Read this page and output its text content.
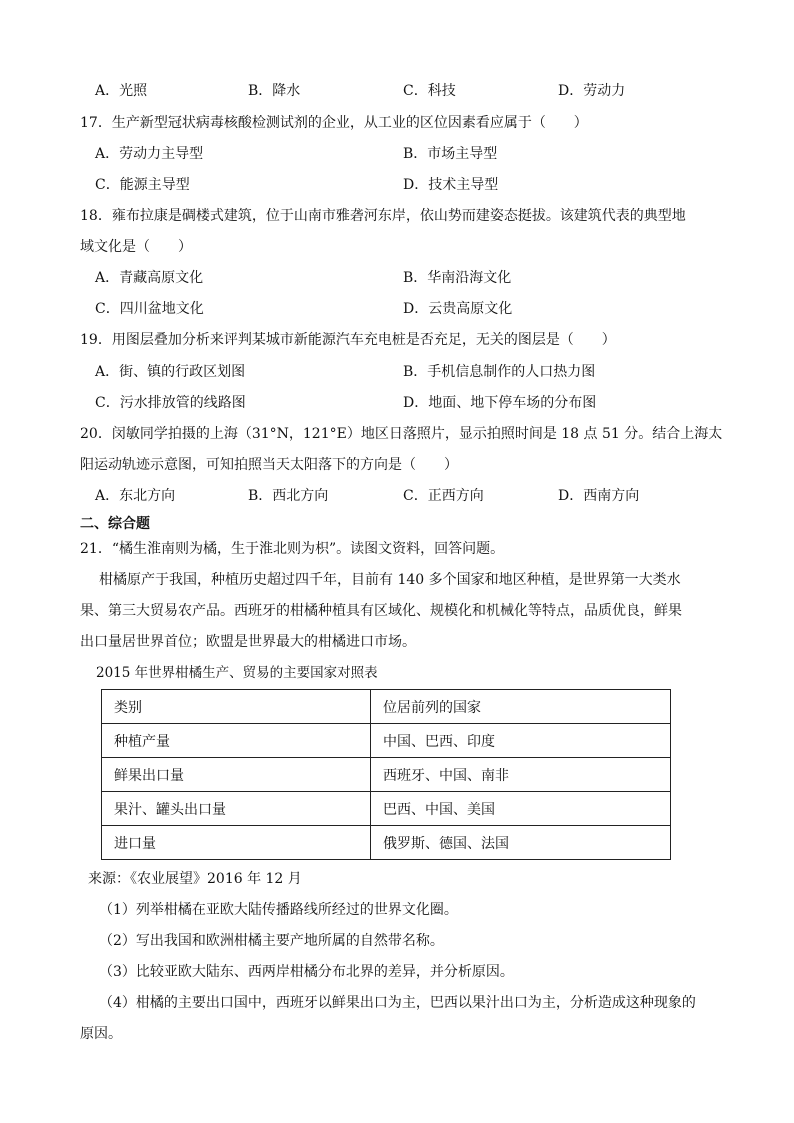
A．光照	B．降水	C．科技	D．劳动力
17．生产新型冠状病毒核酸检测试剂的企业，从工业的区位因素看应属于（　　）
A．劳动力主导型	B．市场主导型
C．能源主导型	D．技术主导型
18．雍布拉康是碉楼式建筑，位于山南市雅砻河东岸，依山势而建姿态挺拔。该建筑代表的典型地
域文化是（　　）
A．青藏高原文化	B．华南沿海文化
C．四川盆地文化	D．云贵高原文化
19．用图层叠加分析来评判某城市新能源汽车充电桩是否充足，无关的图层是（　　）
A．街、镇的行政区划图	B．手机信息制作的人口热力图
C．污水排放管的线路图	D．地面、地下停车场的分布图
20．闵敏同学拍摄的上海（31°N，121°E）地区日落照片，显示拍照时间是 18 点 51 分。结合上海太
阳运动轨迹示意图，可知拍照当天太阳落下的方向是（　　）
A．东北方向	B．西北方向	C．正西方向	D．西南方向
二、综合题
21．“橘生淮南则为橘，生于淮北则为枳”。读图文资料，回答问题。
柑橘原产于我国，种植历史超过四千年，目前有 140 多个国家和地区种植，是世界第一大类水
果、第三大贸易农产品。西班牙的柑橘种植具有区域化、规模化和机械化等特点，品质优良，鲜果
出口量居世界首位；欧盟是世界最大的柑橘进口市场。
2015 年世界柑橘生产、贸易的主要国家对照表
类别	位居前列的国家
种植产量	中国、巴西、印度
鲜果出口量	西班牙、中国、南非
果汁、罐头出口量	巴西、中国、美国
进口量	俄罗斯、德国、法国
来源：《农业展望》2016 年 12 月
（1）列举柑橘在亚欧大陆传播路线所经过的世界文化圈。
（2）写出我国和欧洲柑橘主要产地所属的自然带名称。
（3）比较亚欧大陆东、西两岸柑橘分布北界的差异，并分析原因。
（4）柑橘的主要出口国中，西班牙以鲜果出口为主，巴西以果汁出口为主，分析造成这种现象的
原因。
